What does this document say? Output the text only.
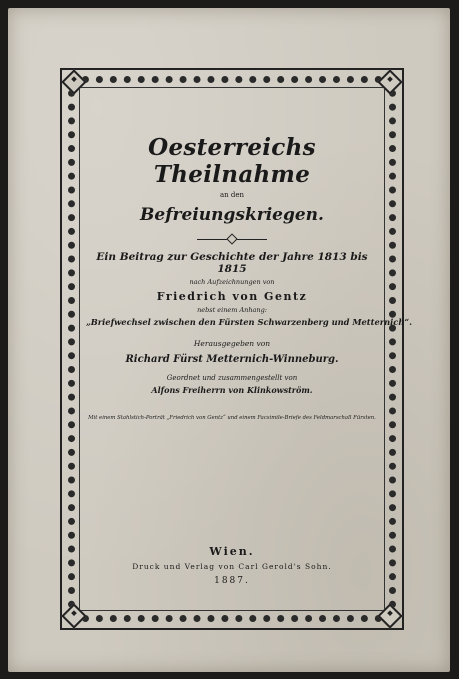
Oesterreichs Theilnahme
an den
Befreiungskriegen.
Ein Beitrag zur Geschichte der Jahre 1813 bis 1815
nach Aufzeichnungen von
Friedrich von Gentz
nebst einem Anhang:
„Briefwechsel zwischen den Fürsten Schwarzenberg und Metternich“.
Herausgegeben von
Richard Fürst Metternich-Winneburg.
Geordnet und zusammengestellt von
Alfons Freiherrn von Klinkowström.
Mit einem Stahlstich-Porträt „Friedrich von Gentz“ und einem Facsimile-Briefe des Feldmarschall Fürsten.
Wien.
Druck und Verlag von Carl Gerold's Sohn.
1887.
